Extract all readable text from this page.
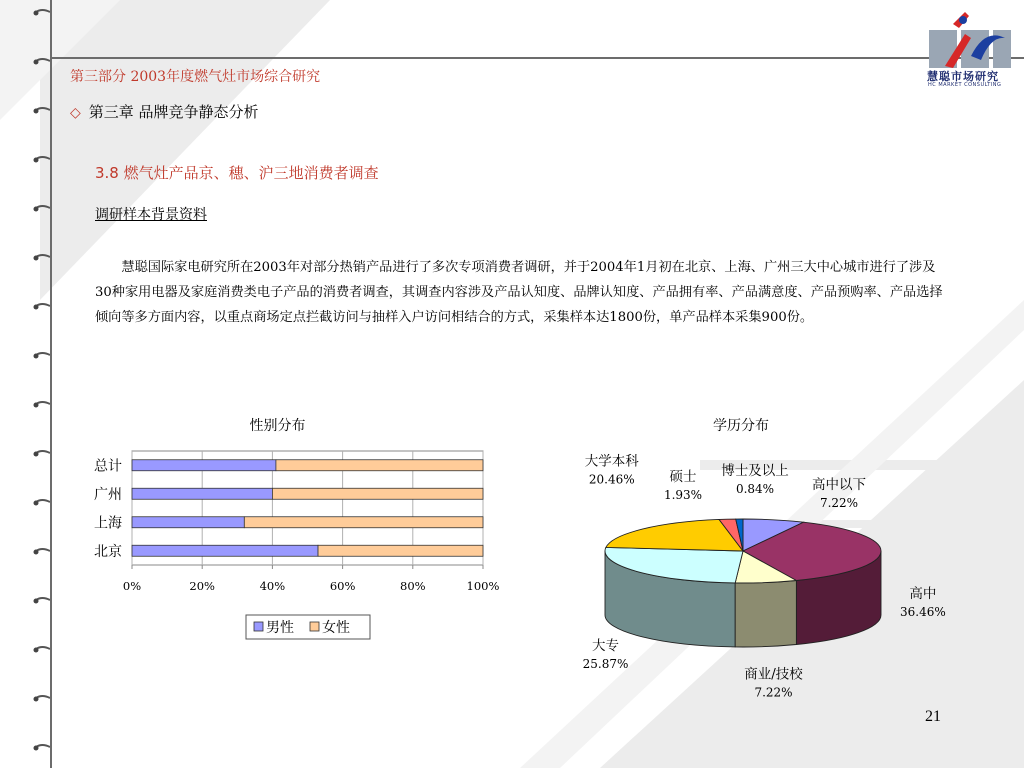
慧聪市场研究
HC MARKET CONSULTING
第三部分 2003年度燃气灶市场综合研究
◇ 第三章 品牌竞争静态分析
3.8 燃气灶产品京、穗、沪三地消费者调查
调研样本背景资料
慧聪国际家电研究所在2003年对部分热销产品进行了多次专项消费者调研，并于2004年1月初在北京、上海、广州三大中心城市进行了涉及30种家用电器及家庭消费类电子产品的消费者调查，其调查内容涉及产品认知度、品牌认知度、产品拥有率、产品满意度、产品预购率、产品选择倾向等多方面内容，以重点商场定点拦截访问与抽样入户访问相结合的方式，采集样本达1800份，单产品样本采集900份。
性别分布
0%	20%	40%	60%	80%	100%
总计
广州
上海
北京
男性 女性
学历分布
高中以下
7.22%
高中
36.46%
商业/技校
7.22%
大专
25.87%
大学本科
20.46%	硕士
1.93%
博士及以上
0.84%
21
